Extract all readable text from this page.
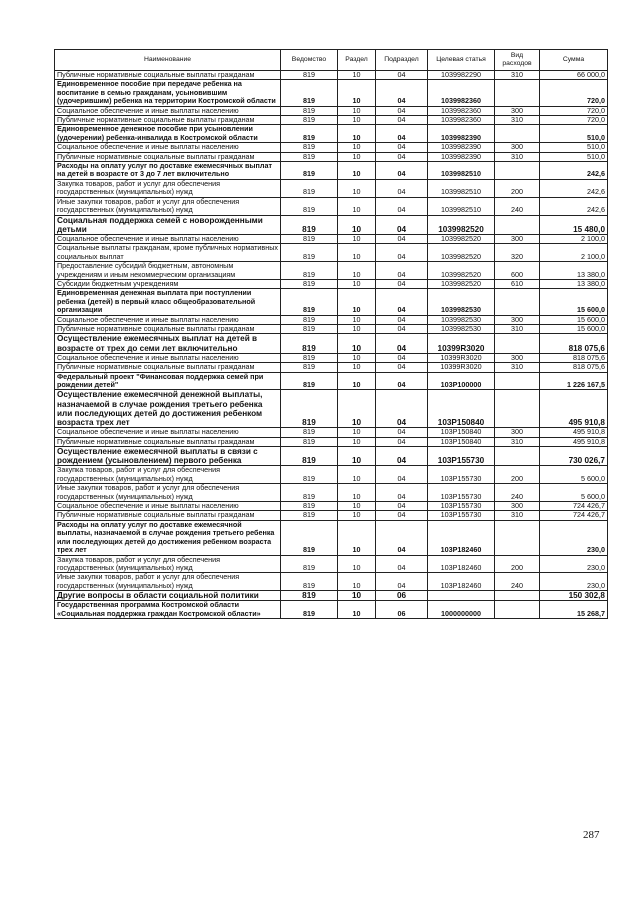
Наименование	Ведомство	Раздел	Подраздел	Целевая статья	Вид расходов	Сумма
Публичные нормативные социальные выплаты гражданам	819	10	04	1039982290	310	66 000,0
Единовременное пособие при передаче ребенка на воспитание в семью гражданам, усыновившим (удочерившим) ребенка на территории Костромской области	819	10	04	1039982360		720,0
Социальное обеспечение и иные выплаты населению	819	10	04	1039982360	300	720,0
Публичные нормативные социальные выплаты гражданам	819	10	04	1039982360	310	720,0
Единовременное денежное пособие при усыновлении (удочерении) ребенка-инвалида в Костромской области	819	10	04	1039982390		510,0
Социальное обеспечение и иные выплаты населению	819	10	04	1039982390	300	510,0
Публичные нормативные социальные выплаты гражданам	819	10	04	1039982390	310	510,0
Расходы на оплату услуг по доставке ежемесячных выплат на детей в возрасте от 3 до 7 лет включительно	819	10	04	1039982510		242,6
Закупка товаров, работ и услуг для обеспечения государственных (муниципальных) нужд	819	10	04	1039982510	200	242,6
Иные закупки товаров, работ и услуг для обеспечения государственных (муниципальных) нужд	819	10	04	1039982510	240	242,6
Социальная поддержка семей с новорожденными детьми	819	10	04	1039982520		15 480,0
Социальное обеспечение и иные выплаты населению	819	10	04	1039982520	300	2 100,0
Социальные выплаты гражданам, кроме публичных нормативных социальных выплат	819	10	04	1039982520	320	2 100,0
Предоставление субсидий бюджетным, автономным учреждениям и иным некоммерческим организациям	819	10	04	1039982520	600	13 380,0
Субсидии бюджетным учреждениям	819	10	04	1039982520	610	13 380,0
Единовременная денежная выплата при поступлении ребенка (детей) в первый класс общеобразовательной организации	819	10	04	1039982530		15 600,0
Социальное обеспечение и иные выплаты населению	819	10	04	1039982530	300	15 600,0
Публичные нормативные социальные выплаты гражданам	819	10	04	1039982530	310	15 600,0
Осуществление ежемесячных выплат на детей в возрасте от трех до семи лет включительно	819	10	04	10399R3020		818 075,6
Социальное обеспечение и иные выплаты населению	819	10	04	10399R3020	300	818 075,6
Публичные нормативные социальные выплаты гражданам	819	10	04	10399R3020	310	818 075,6
Федеральный проект "Финансовая поддержка семей при рождении детей"	819	10	04	103P100000		1 226 167,5
Осуществление ежемесячной денежной выплаты, назначаемой в случае рождения третьего ребенка или последующих детей до достижения ребенком возраста трех лет	819	10	04	103P150840		495 910,8
Социальное обеспечение и иные выплаты населению	819	10	04	103P150840	300	495 910,8
Публичные нормативные социальные выплаты гражданам	819	10	04	103P150840	310	495 910,8
Осуществление ежемесячной выплаты в связи с рождением (усыновлением) первого ребенка	819	10	04	103P155730		730 026,7
Закупка товаров, работ и услуг для обеспечения государственных (муниципальных) нужд	819	10	04	103P155730	200	5 600,0
Иные закупки товаров, работ и услуг для обеспечения государственных (муниципальных) нужд	819	10	04	103P155730	240	5 600,0
Социальное обеспечение и иные выплаты населению	819	10	04	103P155730	300	724 426,7
Публичные нормативные социальные выплаты гражданам	819	10	04	103P155730	310	724 426,7
Расходы на оплату услуг по доставке ежемесячной выплаты, назначаемой в случае рождения третьего ребенка или последующих детей до достижения ребенком возраста трех лет	819	10	04	103P182460		230,0
Закупка товаров, работ и услуг для обеспечения государственных (муниципальных) нужд	819	10	04	103P182460	200	230,0
Иные закупки товаров, работ и услуг для обеспечения государственных (муниципальных) нужд	819	10	04	103P182460	240	230,0
Другие вопросы в области социальной политики	819	10	06			150 302,8
Государственная программа Костромской области «Социальная поддержка граждан Костромской области»	819	10	06	1000000000		15 268,7
287
